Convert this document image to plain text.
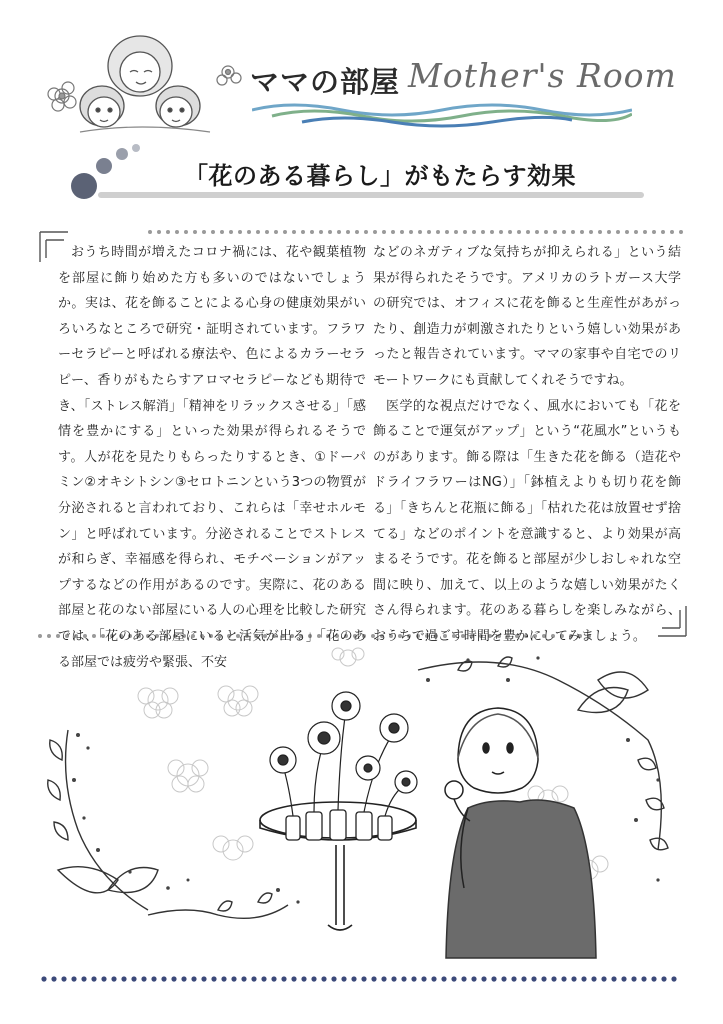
ママの部屋 Mother's Room
「花のある暮らし」がもたらす効果

おうち時間が増えたコロナ禍には、花や観葉植物を部屋に飾り始めた方も多いのではないでしょうか。実は、花を飾ることによる心身の健康効果がいろいろなところで研究・証明されています。フラワーセラピーと呼ばれる療法や、色によるカラーセラピー、香りがもたらすアロマセラピーなども期待でき、「ストレス解消」「精神をリラックスさせる」「感情を豊かにする」といった効果が得られるそうです。人が花を見たりもらったりするとき、①ドーパミン②オキシトシン③セロトニンという3つの物質が分泌されると言われており、これらは「幸せホルモン」と呼ばれています。分泌されることでストレスが和らぎ、幸福感を得られ、モチベーションがアップするなどの作用があるのです。実際に、花のある部屋と花のない部屋にいる人の心理を比較した研究では、「花のある部屋にいると活気が出る」「花のある部屋では疲労や緊張、不安

などのネガティブな気持ちが抑えられる」という結果が得られたそうです。アメリカのラトガース大学の研究では、オフィスに花を飾ると生産性があがったり、創造力が刺激されたりという嬉しい効果があったと報告されています。ママの家事や自宅でのリモートワークにも貢献してくれそうですね。

医学的な視点だけでなく、風水においても「花を飾ることで運気がアップ」という“花風水”というものがあります。飾る際は「生きた花を飾る（造花やドライフラワーはNG）」「鉢植えよりも切り花を飾る」「きちんと花瓶に飾る」「枯れた花は放置せず捨てる」などのポイントを意識すると、より効果が高まるそうです。花を飾ると部屋が少しおしゃれな空間に映り、加えて、以上のような嬉しい効果がたくさん得られます。花のある暮らしを楽しみながら、おうちで過ごす時間を豊かにしてみましょう。
